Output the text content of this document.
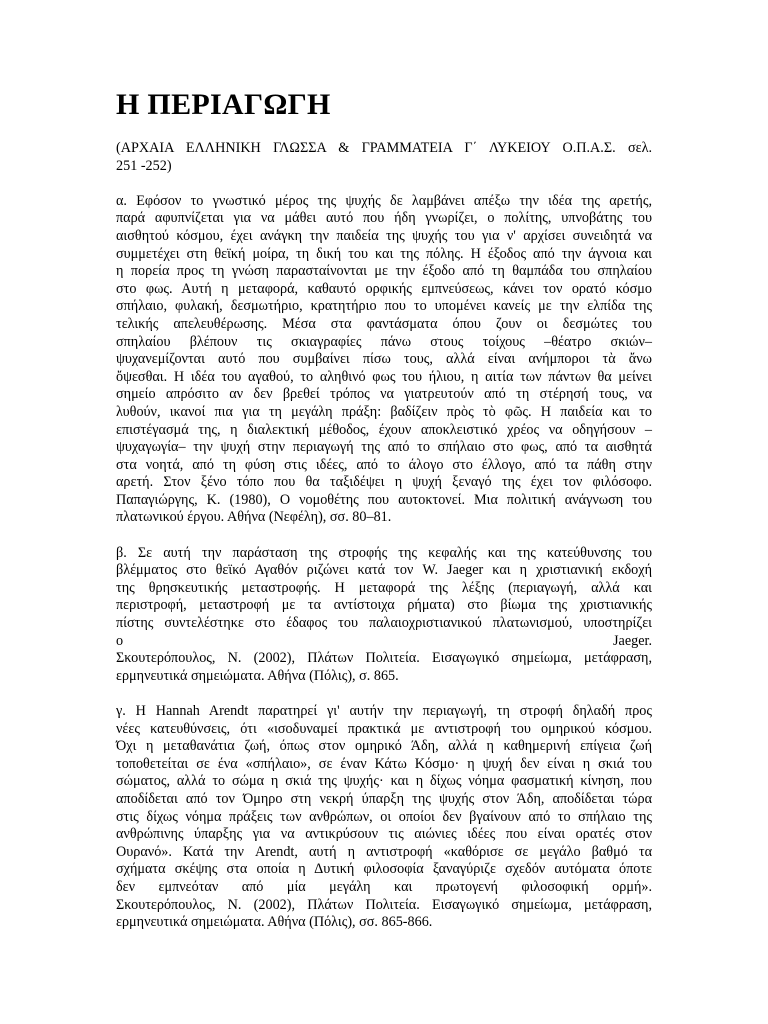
Η ΠΕΡΙΑΓΩΓΗ
(ΑΡΧΑΙΑ ΕΛΛΗΝΙΚΗ ΓΛΩΣΣΑ & ΓΡΑΜΜΑΤΕΙΑ Γ΄ ΛΥΚΕΙΟΥ Ο.Π.Α.Σ. σελ.
251 -252)
α. Εφόσον το γνωστικό μέρος της ψυχής δε λαμβάνει απέξω την ιδέα της αρετής,
παρά αφυπνίζεται για να μάθει αυτό που ήδη γνωρίζει, ο πολίτης, υπνοβάτης του
αισθητού κόσμου, έχει ανάγκη την παιδεία της ψυχής του για ν' αρχίσει συνειδητά να
συμμετέχει στη θεϊκή μοίρα, τη δική του και της πόλης. Η έξοδος από την άγνοια και
η πορεία προς τη γνώση παρασταίνονται με την έξοδο από τη θαμπάδα του σπηλαίου
στο φως. Αυτή η μεταφορά, καθαυτό ορφικής εμπνεύσεως, κάνει τον ορατό κόσμο
σπήλαιο, φυλακή, δεσμωτήριο, κρατητήριο που το υπομένει κανείς με την ελπίδα της
τελικής απελευθέρωσης. Μέσα στα φαντάσματα όπου ζουν οι δεσμώτες του
σπηλαίου βλέπουν τις σκιαγραφίες πάνω στους τοίχους –θέατρο σκιών–
ψυχανεμίζονται αυτό που συμβαίνει πίσω τους, αλλά είναι ανήμποροι τὰ ἄνω
ὄψεσθαι. Η ιδέα του αγαθού, το αληθινό φως του ήλιου, η αιτία των πάντων θα μείνει
σημείο απρόσιτο αν δεν βρεθεί τρόπος να γιατρευτούν από τη στέρησή τους, να
λυθούν, ικανοί πια για τη μεγάλη πράξη: βαδίζειν πρὸς τὸ φῶς. Η παιδεία και το
επιστέγασμά της, η διαλεκτική μέθοδος, έχουν αποκλειστικό χρέος να οδηγήσουν –
ψυχαγωγία– την ψυχή στην περιαγωγή της από το σπήλαιο στο φως, από τα αισθητά
στα νοητά, από τη φύση στις ιδέες, από το άλογο στο έλλογο, από τα πάθη στην
αρετή. Στον ξένο τόπο που θα ταξιδέψει η ψυχή ξεναγό της έχει τον φιλόσοφο.
Παπαγιώργης, Κ. (1980), Ο νομοθέτης που αυτοκτονεί. Μια πολιτική ανάγνωση του
πλατωνικού έργου. Αθήνα (Νεφέλη), σσ. 80–81.
β. Σε αυτή την παράσταση της στροφής της κεφαλής και της κατεύθυνσης του
βλέμματος στο θεϊκό Αγαθόν ριζώνει κατά τον W. Jaeger και η χριστιανική εκδοχή
της θρησκευτικής μεταστροφής. Η μεταφορά της λέξης (περιαγωγή, αλλά και
περιστροφή, μεταστροφή με τα αντίστοιχα ρήματα) στο βίωμα της χριστιανικής
πίστης συντελέστηκε στο έδαφος του παλαιοχριστιανικού πλατωνισμού, υποστηρίζει
ο Jaeger.
Σκουτερόπουλος, Ν. (2002), Πλάτων Πολιτεία. Εισαγωγικό σημείωμα, μετάφραση,
ερμηνευτικά σημειώματα. Αθήνα (Πόλις), σ. 865.
γ. Η Hannah Arendt παρατηρεί γι' αυτήν την περιαγωγή, τη στροφή δηλαδή προς
νέες κατευθύνσεις, ότι «ισοδυναμεί πρακτικά με αντιστροφή του ομηρικού κόσμου.
Όχι η μεταθανάτια ζωή, όπως στον ομηρικό Άδη, αλλά η καθημερινή επίγεια ζωή
τοποθετείται σε ένα «σπήλαιο», σε έναν Κάτω Κόσμο· η ψυχή δεν είναι η σκιά του
σώματος, αλλά το σώμα η σκιά της ψυχής· και η δίχως νόημα φασματική κίνηση, που
αποδίδεται από τον Όμηρο στη νεκρή ύπαρξη της ψυχής στον Άδη, αποδίδεται τώρα
στις δίχως νόημα πράξεις των ανθρώπων, οι οποίοι δεν βγαίνουν από το σπήλαιο της
ανθρώπινης ύπαρξης για να αντικρύσουν τις αιώνιες ιδέες που είναι ορατές στον
Ουρανό». Κατά την Arendt, αυτή η αντιστροφή «καθόρισε σε μεγάλο βαθμό τα
σχήματα σκέψης στα οποία η Δυτική φιλοσοφία ξαναγύριζε σχεδόν αυτόματα όποτε
δεν εμπνεόταν από μία μεγάλη και πρωτογενή φιλοσοφική ορμή».
Σκουτερόπουλος, Ν. (2002), Πλάτων Πολιτεία. Εισαγωγικό σημείωμα, μετάφραση,
ερμηνευτικά σημειώματα. Αθήνα (Πόλις), σσ. 865-866.
